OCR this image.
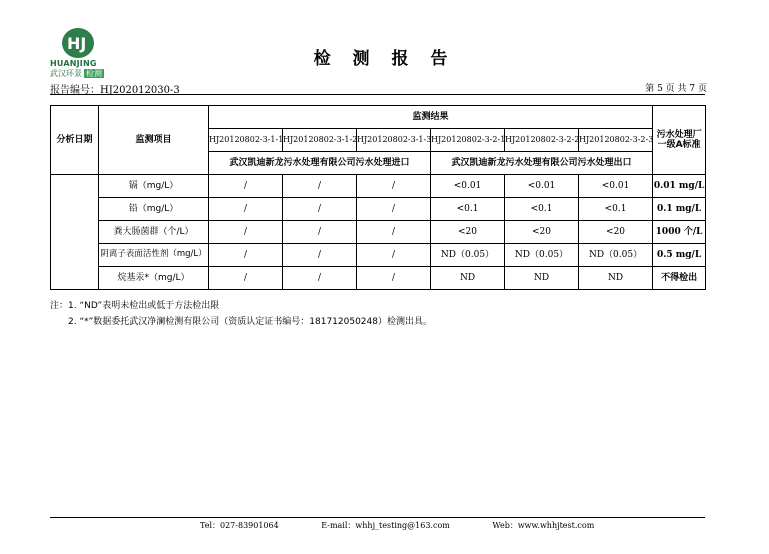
HJ
HUANJING
武汉环景 检测
检 测 报 告
报告编号：HJ202012030-3	第 5 页 共 7 页
分析日期	监测项目	监测结果						污水处理厂一级A标准
		HJ20120802-3-1-1	HJ20120802-3-1-2	HJ20120802-3-1-3	HJ20120802-3-2-1	HJ20120802-3-2-2	HJ20120802-3-2-3	
		武汉凯迪新龙污水处理有限公司污水处理进口			武汉凯迪新龙污水处理有限公司污水处理出口			
	镉（mg/L）	/	/	/	<0.01	<0.01	<0.01	0.01 mg/L
	铅（mg/L）	/	/	/	<0.1	<0.1	<0.1	0.1 mg/L
	粪大肠菌群（个/L）	/	/	/	<20	<20	<20	1000 个/L
	阴离子表面活性剂（mg/L）	/	/	/	ND（0.05）	ND（0.05）	ND（0.05）	0.5 mg/L
	烷基汞*（mg/L）	/	/	/	ND	ND	ND	不得检出
注：1. “ND”表明未检出或低于方法检出限
2. “*”数据委托武汉净澜检测有限公司（资质认定证书编号：181712050248）检测出具。
Tel：027-83901064	E-mail：whhj_testing@163.com	Web：www.whhjtest.com
